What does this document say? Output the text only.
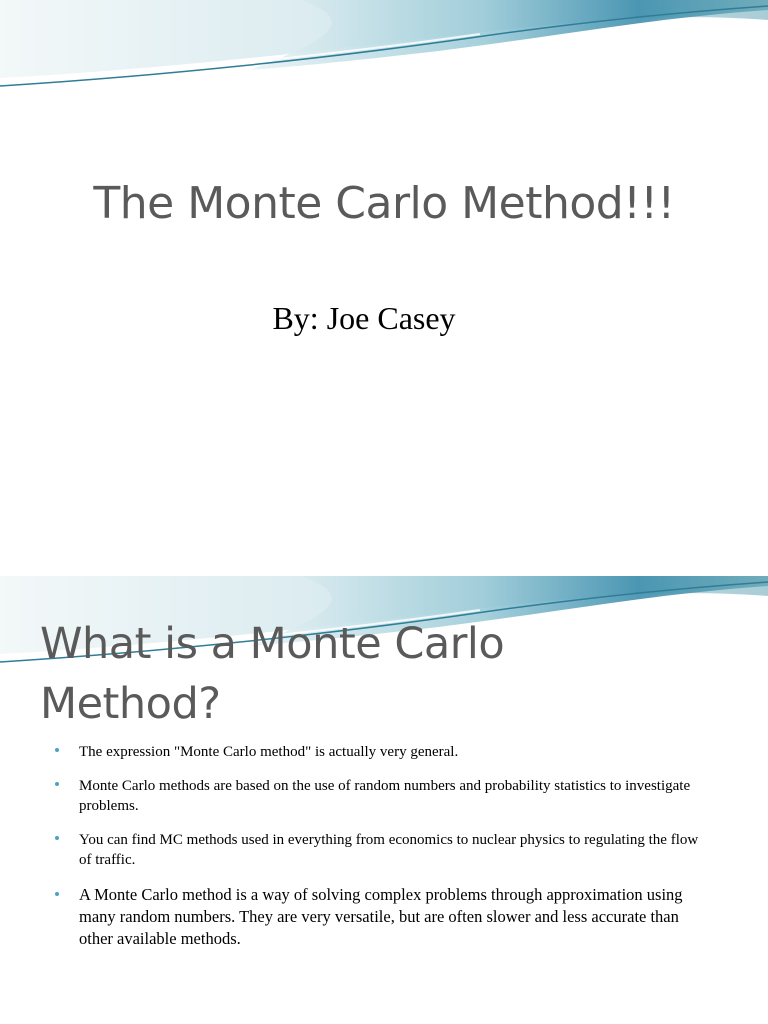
The Monte Carlo Method!!!

By: Joe Casey

What is a Monte Carlo Method?
The expression "Monte Carlo method" is actually very general.
Monte Carlo methods are based on the use of random numbers and probability statistics to investigate problems.
You can find MC methods used in everything from economics to nuclear physics to regulating the flow of traffic.
A Monte Carlo method is a way of solving complex problems through approximation using many random numbers. They are very versatile, but are often slower and less accurate than other available methods.
